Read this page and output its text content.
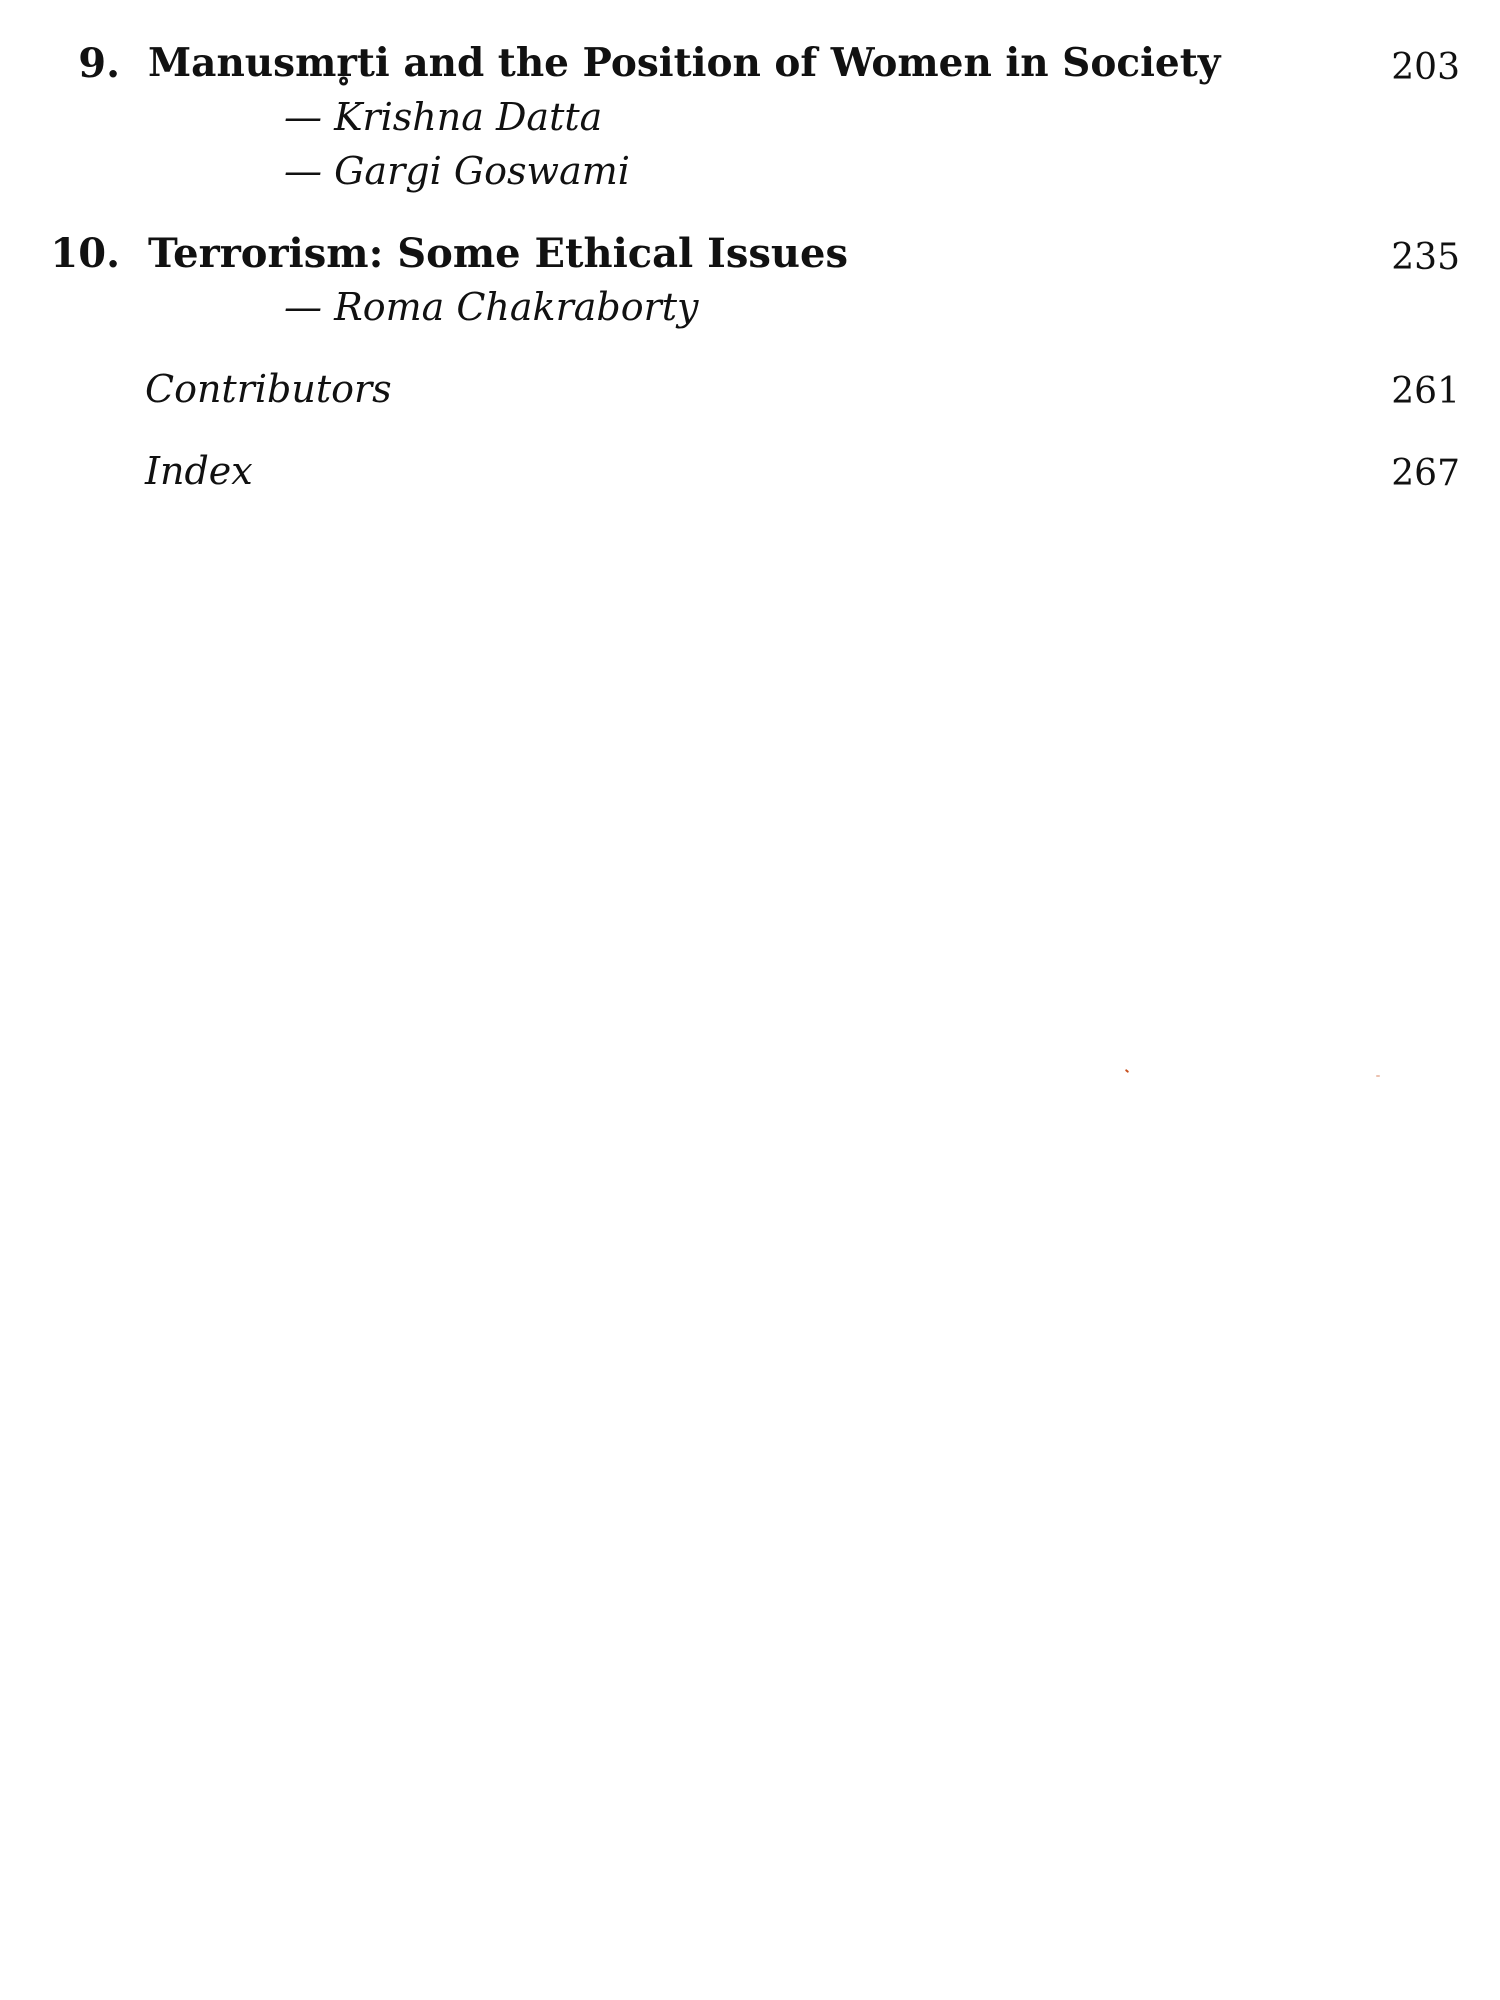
9. Manusmr̥ti and the Position of Women in Society	203
— Krishna Datta
— Gargi Goswami
10. Terrorism: Some Ethical Issues	235
— Roma Chakraborty
Contributors	261
Index	267
